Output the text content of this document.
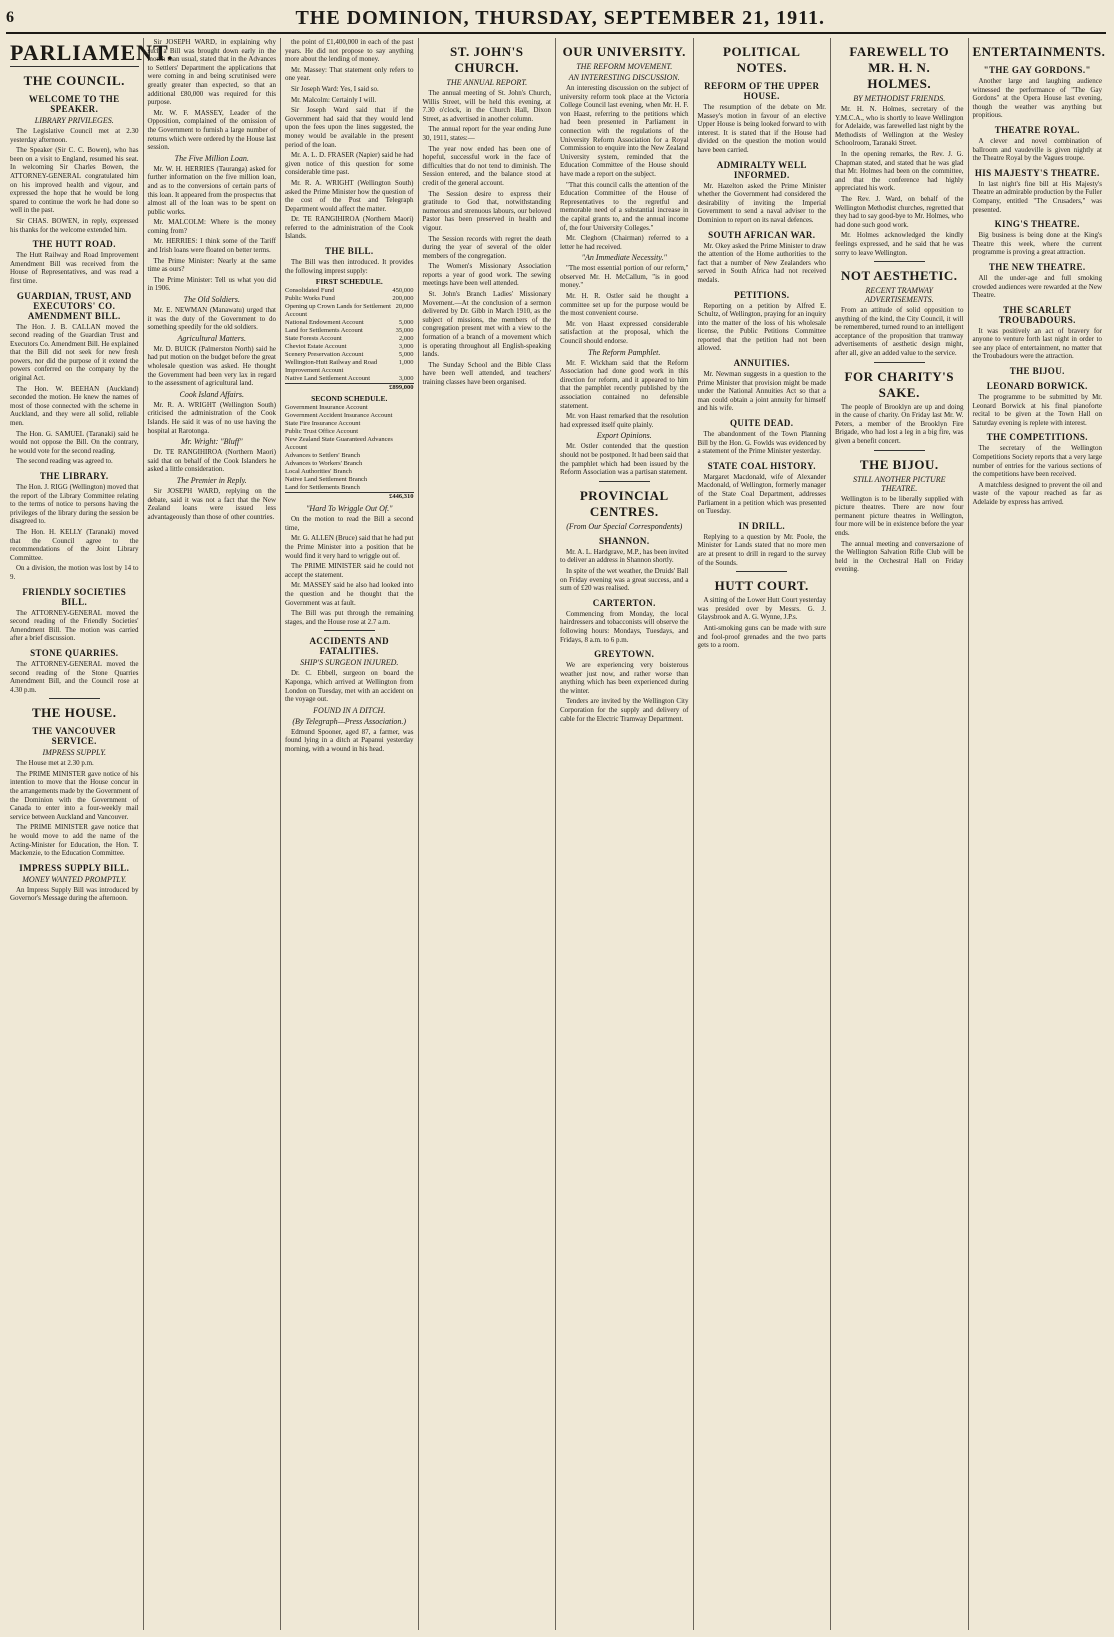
6	THE DOMINION, THURSDAY, SEPTEMBER 21, 1911.
PARLIAMENT.
THE COUNCIL.
WELCOME TO THE SPEAKER.
LIBRARY PRIVILEGES.

The Legislative Council met at 2.30 yesterday afternoon.

The Speaker (Sir C. C. Bowen), who has been on a visit to England, resumed his seat. In welcoming Sir Charles Bowen, the ATTORNEY-GENERAL congratulated him on his improved health and vigour, and expressed the hope that he would be long spared to continue the work he had done so well in the past.

Sir CHAS. BOWEN, in reply, expressed his thanks for the welcome extended him.

THE HUTT ROAD.

The Hutt Railway and Road Improvement Amendment Bill was received from the House of Representatives, and was read a first time.

GUARDIAN, TRUST, AND EXECUTORS' CO. AMENDMENT BILL.

The Hon. J. B. CALLAN moved the second reading of the Guardian Trust and Executors Co. Amendment Bill. He explained that the Bill did not seek for new fresh powers, nor did the purpose of it extend the powers conferred on the company by the original Act.

The Hon. W. BEEHAN (Auckland) seconded the motion. He knew the names of most of those connected with the scheme in Auckland, and they were all solid, reliable men.

The Hon. G. SAMUEL (Taranaki) said he would not oppose the Bill. On the contrary, he would vote for the second reading.

The second reading was agreed to.

THE LIBRARY.

The Hon. J. RIGG (Wellington) moved that the report of the Library Committee relating to the terms of notice to persons having the privileges of the library during the session be disagreed to.

The Hon. H. KELLY (Taranaki) moved that the Council agree to the recommendations of the Joint Library Committee.

On a division, the motion was lost by 14 to 9.

FRIENDLY SOCIETIES BILL.

The ATTORNEY-GENERAL moved the second reading of the Friendly Societies' Amendment Bill. The motion was carried after a brief discussion.

STONE QUARRIES.

The ATTORNEY-GENERAL moved the second reading of the Stone Quarries Amendment Bill, and the Council rose at 4.30 p.m.

THE HOUSE.
THE VANCOUVER SERVICE.
IMPRESS SUPPLY.

The House met at 2.30 p.m.

The PRIME MINISTER gave notice of his intention to move that the House concur in the arrangements made by the Government of the Dominion with the Government of Canada to enter into a four-weekly mail service between Auckland and Vancouver.

The PRIME MINISTER gave notice that he would move to add the name of the Acting-Minister for Education, the Hon. T. Mackenzie, to the Education Committee.

IMPRESS SUPPLY BILL.
MONEY WANTED PROMPTLY.

An Impress Supply Bill was introduced by Governor's Message during the afternoon.

Sir JOSEPH WARD, in explaining why such a Bill was brought down early in the month than usual, stated that in the Advances to Settlers' Department the applications that were coming in and being scrutinised were greatly greater than expected, so that an additional £80,000 was required for this purpose.

Mr. W. F. MASSEY, Leader of the Opposition, complained of the omission of the Government to furnish a large number of returns which were ordered by the House last session.

The Five Million Loan.

Mr. W. H. HERRIES (Tauranga) asked for further information on the five million loan, and as to the conversions of certain parts of this loan. It appeared from the prospectus that almost all of the loan was to be spent on public works.

Mr. MALCOLM: Where is the money coming from?

Mr. HERRIES: I think some of the Tariff and Irish loans were floated on better terms.

The Prime Minister: Nearly at the same time as ours?

The Prime Minister: Tell us what you did in 1906.

The Old Soldiers.

Mr. E. NEWMAN (Manawatu) urged that it was the duty of the Government to do something speedily for the old soldiers.

Agricultural Matters.

Mr. D. BUICK (Palmerston North) said he had put motion on the budget before the great wholesale question was asked. He thought the Government had been very lax in regard to the assessment of agricultural land.

Cook Island Affairs.

Mr. R. A. WRIGHT (Wellington South) criticised the administration of the Cook Islands. He said it was of no use having the hospital at Rarotonga.

Mr. Wright: "Bluff"

Dr. TE RANGIHIROA (Northern Maori) said that on behalf of the Cook Islanders he asked a little consideration.

The Premier in Reply.

Sir JOSEPH WARD, replying on the debate, said it was not a fact that the New Zealand loans were issued less advantageously than those of other countries.

the point of £1,400,000 in each of the past years. He did not propose to say anything more about the lending of money.

Mr. Massey: That statement only refers to one year.

Sir Joseph Ward: Yes, I said so.

Mr. Malcolm: Certainly I will.

Sir Joseph Ward said that if the Government had said that they would lend upon the fees upon the lines suggested, the money would be available in the present period of the loan.

Mr. A. L. D. FRASER (Napier) said he had given notice of this question for some considerable time past.

Mr. R. A. WRIGHT (Wellington South) asked the Prime Minister how the question of the cost of the Post and Telegraph Department would affect the matter.

Dr. TE RANGIHIROA (Northern Maori) referred to the administration of the Cook Islands.

THE BILL.

The Bill was then introduced. It provides the following imprest supply:

FIRST SCHEDULE.
Consolidated Fund	450,000
Public Works Fund	200,000
Opening up Crown Lands for Settlement Account
20,000
National Endowment Account	5,000
Land for Settlements Account	35,000
State Forests Account	2,000
Cheviot Estate Account	3,000
Scenery Preservation Account	5,000
Wellington-Hutt Railway and Road Improvement Account
1,000
Native Land Settlement Account	3,000
£899,000
SECOND SCHEDULE.
Government Insurance Account
Government Accident Insurance Account
State Fire Insurance Account
Public Trust Office Account
New Zealand State Guaranteed Advances Account
Advances to Settlers' Branch
Advances to Workers' Branch
Local Authorities' Branch
Native Land Settlement Branch
Land for Settlements Branch
£446,310
"Hard To Wriggle Out Of."

On the motion to read the Bill a second time,

Mr. G. ALLEN (Bruce) said that he had put the Prime Minister into a position that he would find it very hard to wriggle out of.

The PRIME MINISTER said he could not accept the statement.

Mr. MASSEY said he also had looked into the question and he thought that the Government was at fault.

The Bill was put through the remaining stages, and the House rose at 2.7 a.m.

ACCIDENTS AND FATALITIES.
SHIP'S SURGEON INJURED.

Dr. C. Ebbell, surgeon on board the Kaponga, which arrived at Wellington from London on Tuesday, met with an accident on the voyage out.

FOUND IN A DITCH.
(By Telegraph—Press Association.)

Edmund Spooner, aged 87, a farmer, was found lying in a ditch at Papanui yesterday morning, with a wound in his head.

ST. JOHN'S CHURCH.
THE ANNUAL REPORT.

The annual meeting of St. John's Church, Willis Street, will be held this evening, at 7.30 o'clock, in the Church Hall, Dixon Street, as advertised in another column.

The annual report for the year ending June 30, 1911, states:—

The year now ended has been one of hopeful, successful work in the face of difficulties that do not tend to diminish. The Session entered, and the balance stood at credit of the general account.

The Session desire to express their gratitude to God that, notwithstanding numerous and strenuous labours, our beloved Pastor has been preserved in health and vigour.

The Session records with regret the death during the year of several of the older members of the congregation.

The Women's Missionary Association reports a year of good work. The sewing meetings have been well attended.

St. John's Branch Ladies' Missionary Movement.—At the conclusion of a sermon delivered by Dr. Gibb in March 1910, as the subject of missions, the members of the congregation present met with a view to the formation of a branch of a movement which is operating throughout all English-speaking lands.

The Sunday School and the Bible Class have been well attended, and teachers' training classes have been organised.

OUR UNIVERSITY.
THE REFORM MOVEMENT.
AN INTERESTING DISCUSSION.

An interesting discussion on the subject of university reform took place at the Victoria College Council last evening, when Mr. H. F. von Haast, referring to the petitions which had been presented in Parliament in connection with the regulations of the University Reform Association for a Royal Commission to enquire into the New Zealand University system, reminded that the Education Committee of the House should have made a report on the subject.

"That this council calls the attention of the Education Committee of the House of Representatives to the regretful and memorable need of a substantial increase in the capital grants to, and the annual income of, the four University Colleges."

Mr. Cleghorn (Chairman) referred to a letter he had received.

"An Immediate Necessity."

"The most essential portion of our reform," observed Mr. H. McCallum, "is in good money."

Mr. H. R. Ostler said he thought a committee set up for the purpose would be the most convenient course.

Mr. von Haast expressed considerable satisfaction at the proposal, which the Council should endorse.

The Reform Pamphlet.

Mr. F. Wickham said that the Reform Association had done good work in this direction for reform, and it appeared to him that the pamphlet recently published by the association contained no defensible statement.

Mr. von Haast remarked that the resolution had expressed itself quite plainly.

Export Opinions.

Mr. Ostler contended that the question should not be postponed. It had been said that the pamphlet which had been issued by the Reform Association was a partisan statement.

PROVINCIAL CENTRES.
(From Our Special Correspondents)
SHANNON.

Mr. A. L. Hardgrave, M.P., has been invited to deliver an address in Shannon shortly.

In spite of the wet weather, the Druids' Ball on Friday evening was a great success, and a sum of £20 was realised.

CARTERTON.

Commencing from Monday, the local hairdressers and tobacconists will observe the following hours: Mondays, Tuesdays, and Fridays, 8 a.m. to 6 p.m.

GREYTOWN.

We are experiencing very boisterous weather just now, and rather worse than anything which has been experienced during the winter.

Tenders are invited by the Wellington City Corporation for the supply and delivery of cable for the Electric Tramway Department.

POLITICAL NOTES.
REFORM OF THE UPPER HOUSE.

The resumption of the debate on Mr. Massey's motion in favour of an elective Upper House is being looked forward to with interest. It is stated that if the House had divided on the question the motion would have been carried.

ADMIRALTY WELL INFORMED.

Mr. Hazelton asked the Prime Minister whether the Government had considered the desirability of inviting the Imperial Government to send a naval adviser to the Dominion to report on its naval defences.

SOUTH AFRICAN WAR.

Mr. Okey asked the Prime Minister to draw the attention of the Home authorities to the fact that a number of New Zealanders who served in South Africa had not received medals.

PETITIONS.

Reporting on a petition by Alfred E. Schultz, of Wellington, praying for an inquiry into the matter of the loss of his wholesale license, the Public Petitions Committee reported that the petition had not been allowed.

ANNUITIES.

Mr. Newman suggests in a question to the Prime Minister that provision might be made under the National Annuities Act so that a man could obtain a joint annuity for himself and his wife.

QUITE DEAD.

The abandonment of the Town Planning Bill by the Hon. G. Fowlds was evidenced by a statement of the Prime Minister yesterday.

STATE COAL HISTORY.

Margaret Macdonald, wife of Alexander Macdonald, of Wellington, formerly manager of the State Coal Department, addresses Parliament in a petition which was presented on Tuesday.

IN DRILL.

Replying to a question by Mr. Poole, the Minister for Lands stated that no more men are at present to drill in regard to the survey of the Sounds.

HUTT COURT.

A sitting of the Lower Hutt Court yesterday was presided over by Messrs. G. J. Glaysbrook and A. G. Wynne, J.P.s.

Anti-smoking guns can be made with sure and fool-proof grenades and the two parts gets to a room.

FAREWELL TO MR. H. N. HOLMES.
BY METHODIST FRIENDS.

Mr. H. N. Holmes, secretary of the Y.M.C.A., who is shortly to leave Wellington for Adelaide, was farewelled last night by the Methodists of Wellington at the Wesley Schoolroom, Taranaki Street.

In the opening remarks, the Rev. J. G. Chapman stated, and stated that he was glad that Mr. Holmes had been on the committee, and that the conference had highly appreciated his work.

The Rev. J. Ward, on behalf of the Wellington Methodist churches, regretted that they had to say good-bye to Mr. Holmes, who had done such good work.

Mr. Holmes acknowledged the kindly feelings expressed, and he said that he was sorry to leave Wellington.

NOT AESTHETIC.
RECENT TRAMWAY ADVERTISEMENTS.

From an attitude of solid opposition to anything of the kind, the City Council, it will be remembered, turned round to an intelligent acceptance of the proposition that tramway advertisements of aesthetic design might, after all, give an added value to the service.

FOR CHARITY'S SAKE.

The people of Brooklyn are up and doing in the cause of charity. On Friday last Mr. W. Peters, a member of the Brooklyn Fire Brigade, who had lost a leg in a big fire, was given a benefit concert.

THE BIJOU.
STILL ANOTHER PICTURE THEATRE.

Wellington is to be liberally supplied with picture theatres. There are now four permanent picture theatres in Wellington, four more will be in existence before the year ends.

The annual meeting and conversazione of the Wellington Salvation Rifle Club will be held in the Orchestral Hall on Friday evening.

ENTERTAINMENTS.
"THE GAY GORDONS."

Another large and laughing audience witnessed the performance of "The Gay Gordons" at the Opera House last evening, though the weather was anything but propitious.

THEATRE ROYAL.

A clever and novel combination of ballroom and vaudeville is given nightly at the Theatre Royal by the Vagues troupe.

HIS MAJESTY'S THEATRE.

In last night's fine bill at His Majesty's Theatre an admirable production by the Fuller Company, entitled "The Crusaders," was presented.

KING'S THEATRE.

Big business is being done at the King's Theatre this week, where the current programme is proving a great attraction.

THE NEW THEATRE.

All the under-age and full smoking crowded audiences were rewarded at the New Theatre.

THE SCARLET TROUBADOURS.

It was positively an act of bravery for anyone to venture forth last night in order to see any place of entertainment, no matter that the Troubadours were the attraction.

THE BIJOU.
LEONARD BORWICK.

The programme to be submitted by Mr. Leonard Borwick at his final pianoforte recital to be given at the Town Hall on Saturday evening is replete with interest.

THE COMPETITIONS.

The secretary of the Wellington Competitions Society reports that a very large number of entries for the various sections of the competitions have been received.

A matchless designed to prevent the oil and waste of the vapour reached as far as Adelaide by express has arrived.
